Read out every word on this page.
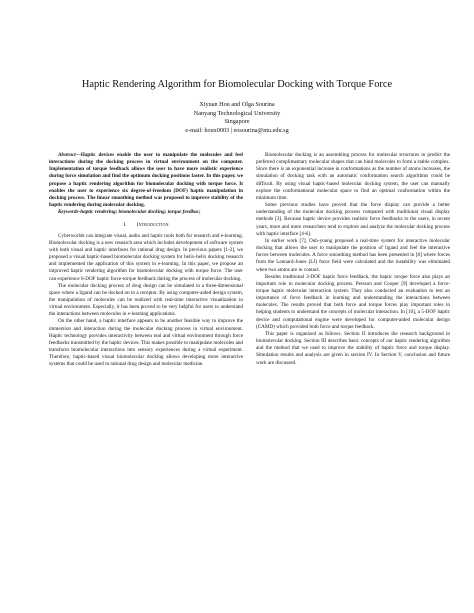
Haptic Rendering Algorithm for Biomolecular Docking with Torque Force
Xiyuan Hou and Olga Sourina
Nanyang Technological University
Singapore
e-mail: houx0003 | eosourina@ntu.edu.sg

Abstract—Haptic devices enable the user to manipulate the molecules and feel interactions during the docking process in virtual environment on the computer. Implementation of torque feedback allows the user to have more realistic experience during force simulation and find the optimum docking positions faster. In this paper, we propose a haptic rendering algorithm for biomolecular docking with torque force. It enables the user to experience six degree-of-freedom (DOF) haptic manipulation in docking process. The linear smoothing method was proposed to improve stability of the haptic rendering during molecular docking.

Keywords-haptic rendering; biomolecular docking; torque feedbac;

I. Introduction

Cyberworlds can integrate visual, audio and haptic tools both for research and e-learning. Biomolecular docking is a new research area which includes development of software system with both visual and haptic interfaces for rational drug design. In previous papers [1-2], we proposed a visual haptic-based biomolecular docking system for helix-helix docking research and implemented the application of this system in e-learning. In this paper, we propose an improved haptic rendering algorithm for biomolecular docking with torque force. The user can experience 6-DOF haptic force-torque feedback during the process of molecular docking.

The molecular docking process of drug design can be simulated in a three-dimensional space where a ligand can be docked on to a receptor. By using computer-aided design system, the manipulation of molecules can be realized with real-time interactive visualization in virtual environment. Especially, it has been proved to be very helpful for users to understand the interactions between molecules in e-learning applications.

On the other hand, a haptic interface appears to be another feasible way to improve the immersion and interaction during the molecular docking process in virtual environment. Haptic technology provides interactivity between real and virtual environment through force feedbacks transmitted by the haptic devices. This makes possible to manipulate molecules and transform biomolecular interactions into sensory experiences during a virtual experiment. Therefore, haptic-based visual biomolecular docking allows developing more interactive systems that could be used in rational drug design and molecular medicine.

Biomolecular docking is an assembling process for molecular structures to predict the preferred complimentary molecular shapes that can bind molecules to form a stable complex. Since there is an exponential increase in conformations as the number of atoms increases, the simulation of docking task with an automatic conformation search algorithms could be difficult. By using visual haptic-based molecular docking system, the user can manually explore the conformational molecular space to find an optimal conformation within the minimum time.

Some previous studies have proved that the force display can provide a better understanding of the molecular docking process compared with traditional visual display methods [3]. Because haptic device provides realistic force feedbacks to the users, in recent years, more and more researchers tend to explore and analyze the molecular docking process with haptic interface [4-6].

In earlier work [7], Ouh-young proposed a real-time system for interactive molecular docking that allows the user to manipulate the position of ligand and feel the interactive forces between molecules. A force smoothing method has been presented in [8] where forces from the Lennard-Jones (LJ) force field were calculated and the instability was eliminated when two atoms are in contact.

Besides traditional 3-DOF haptic force feedback, the haptic torque force also plays an important role in molecular docking process. Persson and Cooper [9] developed a force-torque haptic molecular interaction system. They also conducted an evaluation to test an importance of force feedback in learning and understanding the interactions between molecules. The results proved that both force and torque forces play important roles in helping students to understand the concepts of molecular interaction. In [10], a 5-DOF haptic device and computational engine were developed for computer-aided molecular design (CAMD) which provided both force and torque feedback.

This paper is organized as follows. Section II introduces the research background in biomolecular docking. Section III describes basic concepts of our haptic rendering algorithm and the method that we used to improve the stability of haptic force and torque display. Simulation results and analysis are given in section IV. In Section V, conclusion and future work are discussed.
